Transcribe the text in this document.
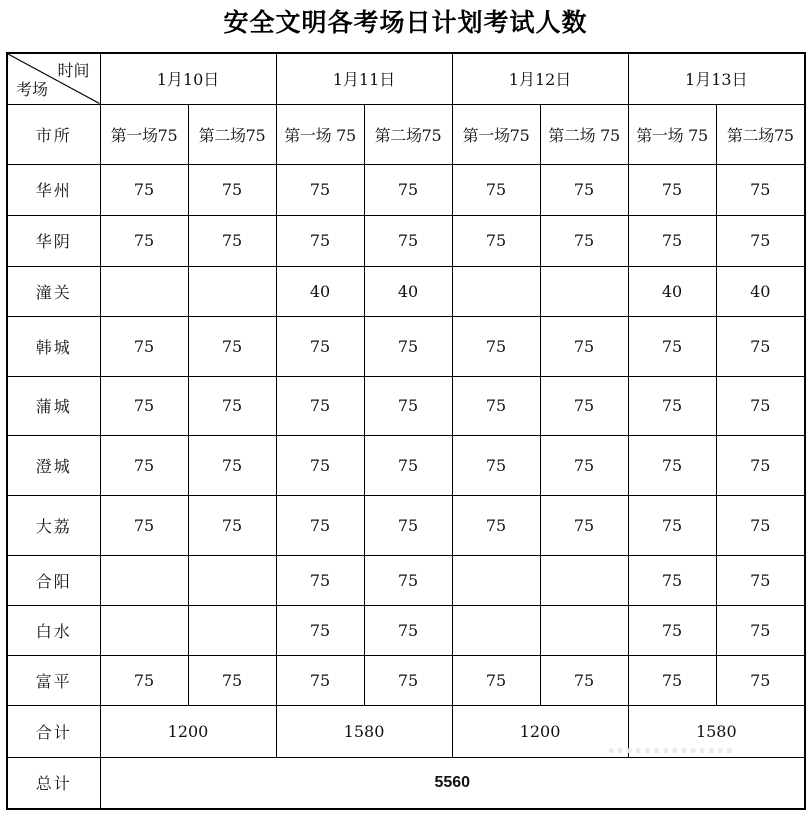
安全文明各考场日计划考试人数
时间
考场	1月10日		1月11日		1月12日		1月13日	
市所	第一场75	第二场75	第一场 75	第二场75	第一场75	第二场 75	第一场 75	第二场75
华州	75	75	75	75	75	75	75	75
华阴	75	75	75	75	75	75	75	75
潼关			40	40			40	40
韩城	75	75	75	75	75	75	75	75
蒲城	75	75	75	75	75	75	75	75
澄城	75	75	75	75	75	75	75	75
大荔	75	75	75	75	75	75	75	75
合阳			75	75			75	75
白水			75	75			75	75
富平	75	75	75	75	75	75	75	75
合计	1200		1580		1200		1580	
总计	5560							
▪▪▪▪▪▪▪▪▪▪▪▪▪▪
